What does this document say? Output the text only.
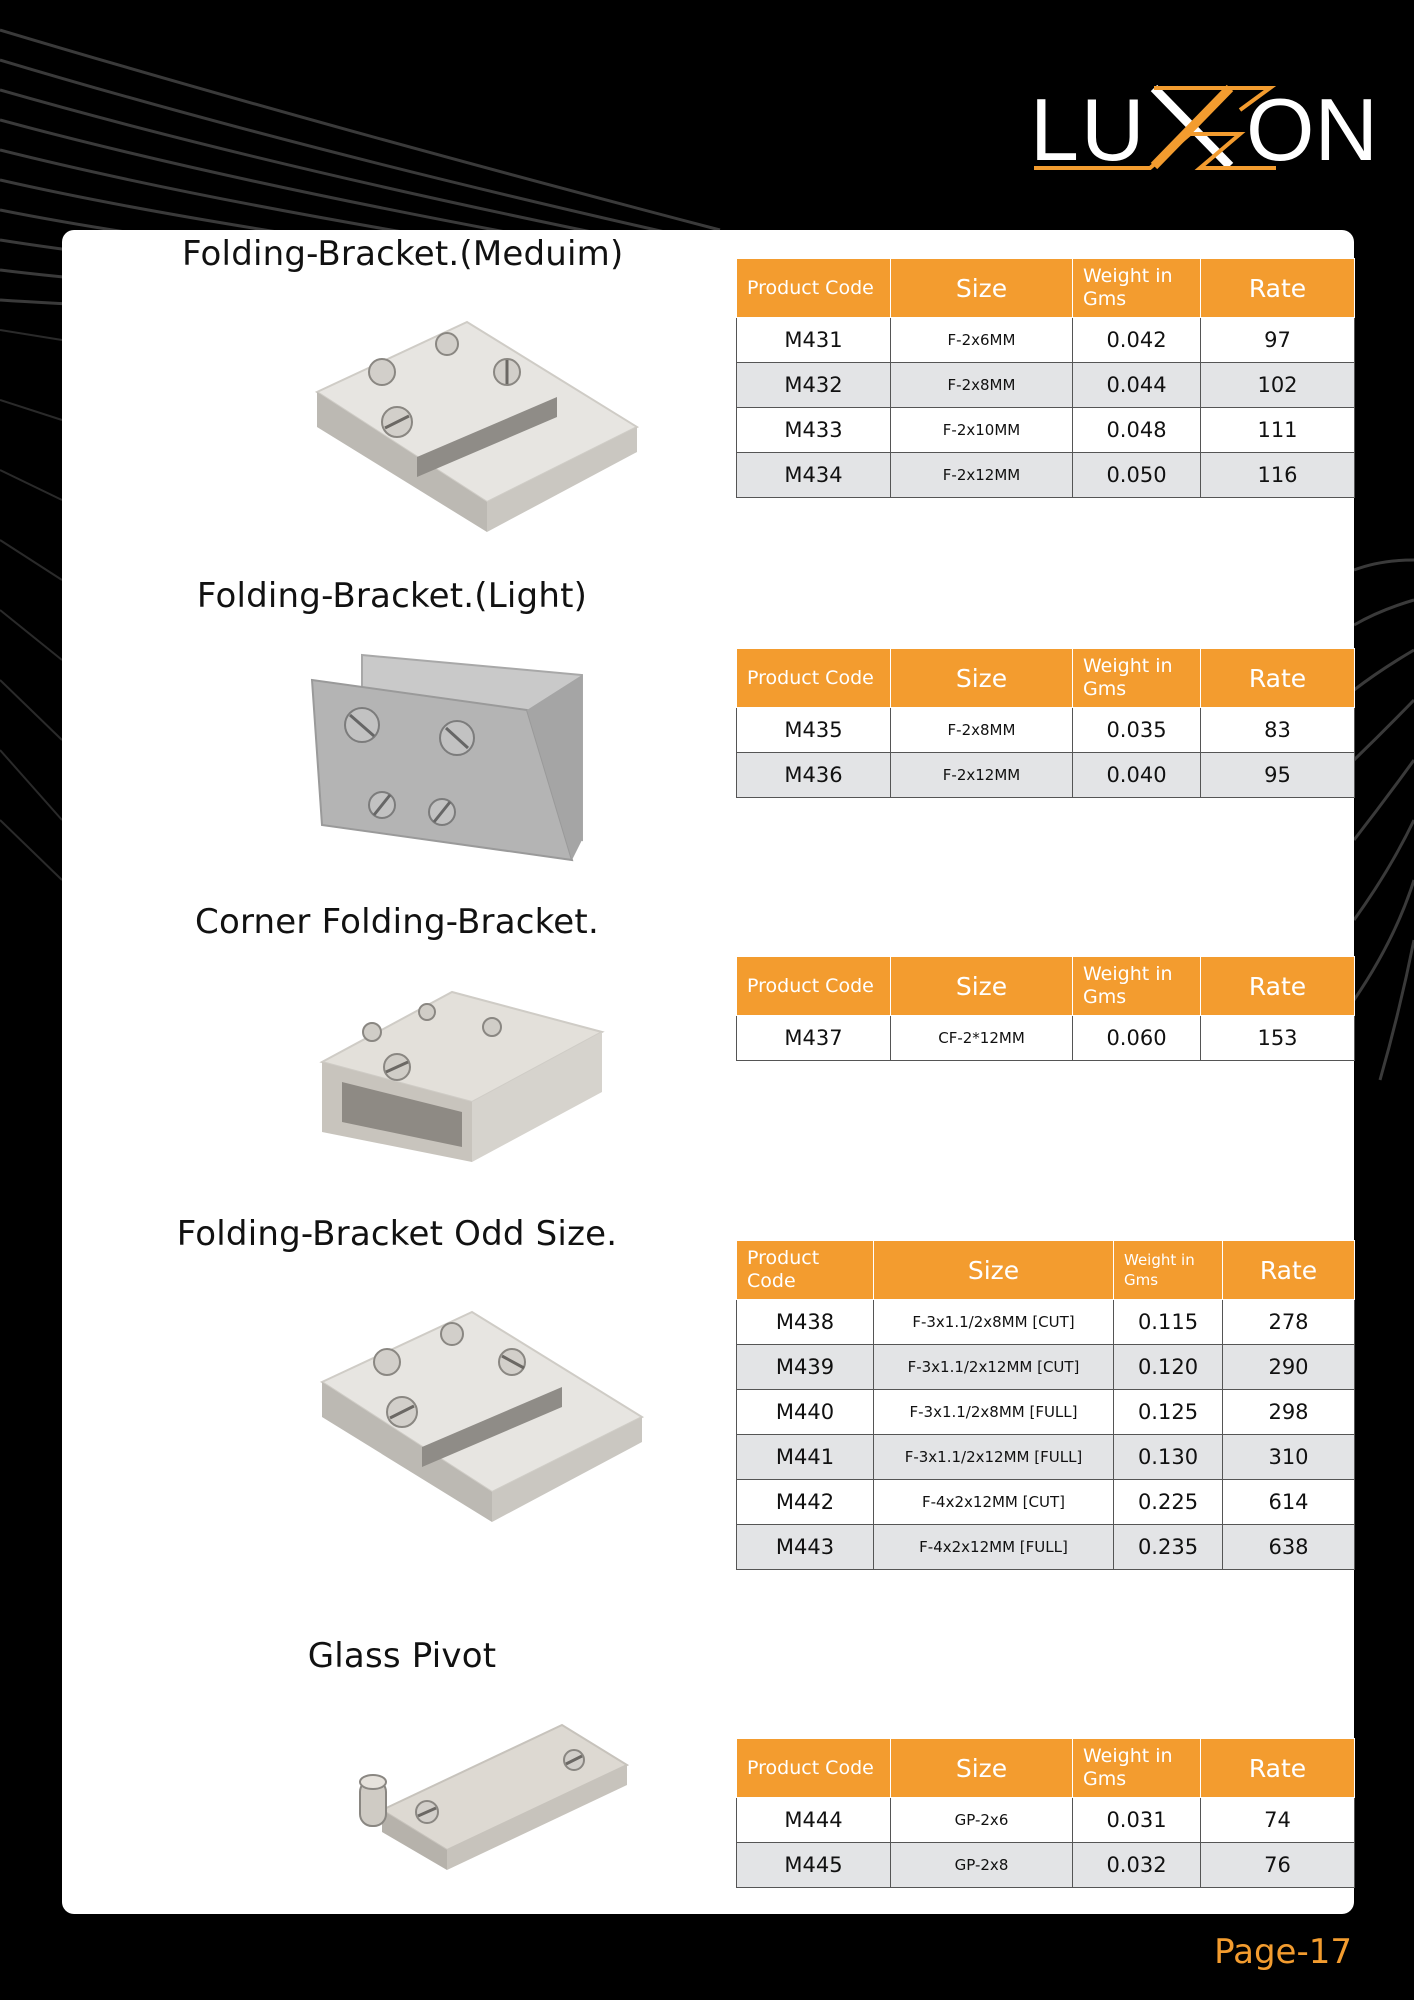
LU ON
Folding-Bracket.(Meduim)
Product Code	Size	Weight in Gms	Rate
M431	F-2x6MM	0.042	97
M432	F-2x8MM	0.044	102
M433	F-2x10MM	0.048	111
M434	F-2x12MM	0.050	116
Folding-Bracket.(Light)
Product Code	Size	Weight in Gms	Rate
M435	F-2x8MM	0.035	83
M436	F-2x12MM	0.040	95
Corner Folding-Bracket.
Product Code	Size	Weight in Gms	Rate
M437	CF-2*12MM	0.060	153
Folding-Bracket Odd Size.
Product Code	Size	Weight in Gms	Rate
M438	F-3x1.1/2x8MM [CUT]	0.115	278
M439	F-3x1.1/2x12MM [CUT]	0.120	290
M440	F-3x1.1/2x8MM [FULL]	0.125	298
M441	F-3x1.1/2x12MM [FULL]	0.130	310
M442	F-4x2x12MM [CUT]	0.225	614
M443	F-4x2x12MM [FULL]	0.235	638
Glass Pivot
Product Code	Size	Weight in Gms	Rate
M444	GP-2x6	0.031	74
M445	GP-2x8	0.032	76
Page-17
